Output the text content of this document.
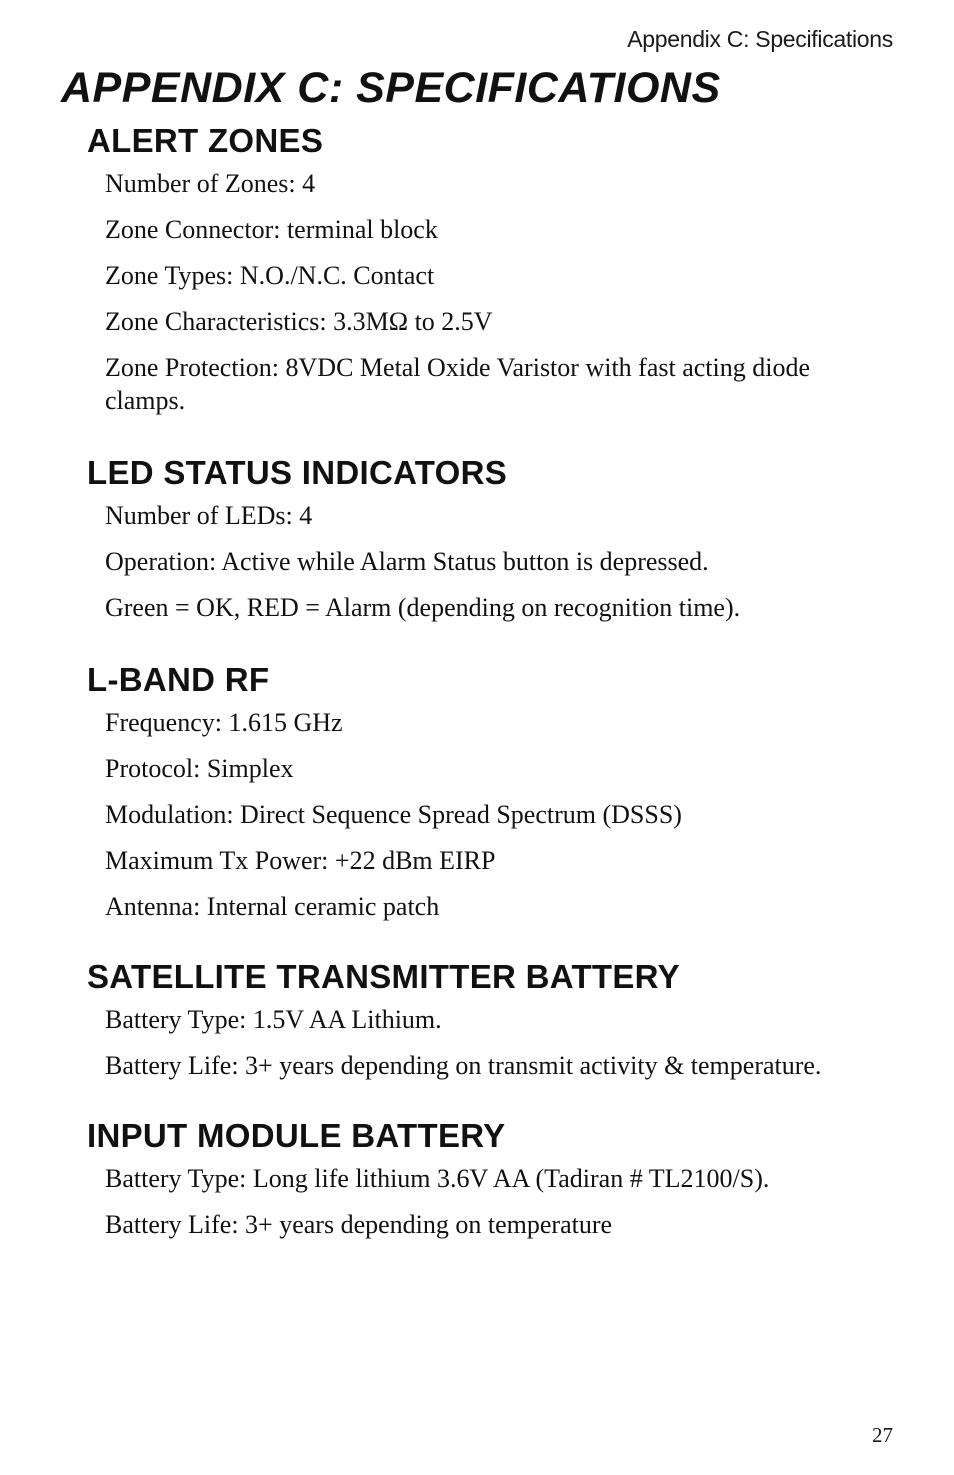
Appendix C: Specifications
APPENDIX C: SPECIFICATIONS
ALERT ZONES
Number of Zones: 4
Zone Connector: terminal block
Zone Types: N.O./N.C. Contact
Zone Characteristics: 3.3MΩ to 2.5V
Zone Protection: 8VDC Metal Oxide Varistor with fast acting diode clamps.
LED STATUS INDICATORS
Number of LEDs: 4
Operation: Active while Alarm Status button is depressed.
Green = OK, RED = Alarm (depending on recognition time).
L-BAND RF
Frequency: 1.615 GHz
Protocol: Simplex
Modulation: Direct Sequence Spread Spectrum (DSSS)
Maximum Tx Power: +22 dBm EIRP
Antenna: Internal ceramic patch
SATELLITE TRANSMITTER BATTERY
Battery Type: 1.5V AA Lithium.
Battery Life: 3+ years depending on transmit activity & temperature.
INPUT MODULE BATTERY
Battery Type: Long life lithium 3.6V AA (Tadiran # TL2100/S).
Battery Life: 3+ years depending on temperature
27
